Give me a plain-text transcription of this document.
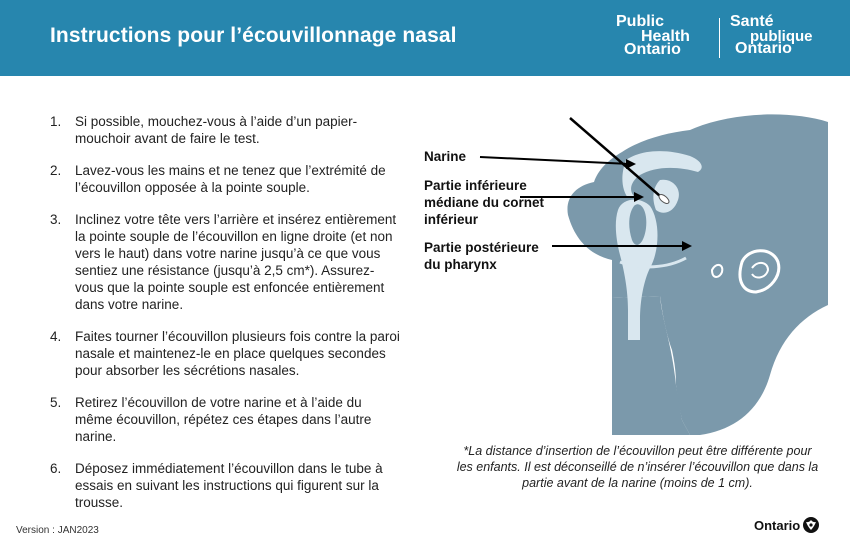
Instructions pour l’écouvillonnage nasal
Public
Health
Ontario
Santé
publique
Ontario
1. Si possible, mouchez-vous à l’aide d’un papier-mouchoir avant de faire le test.
2. Lavez-vous les mains et ne tenez que l’extrémité de l’écouvillon opposée à la pointe souple.
3. Inclinez votre tête vers l’arrière et insérez entièrement la pointe souple de l’écouvillon en ligne droite (et non vers le haut) dans votre narine jusqu’à ce que vous sentiez une résistance (jusqu’à 2,5 cm*). Assurez-vous que la pointe souple est enfoncée entièrement dans votre narine.
4. Faites tourner l’écouvillon plusieurs fois contre la paroi nasale et maintenez-le en place quelques secondes pour absorber les sécrétions nasales.
5. Retirez l’écouvillon de votre narine et à l’aide du même écouvillon, répétez ces étapes dans l’autre narine.
6. Déposez immédiatement l’écouvillon dans le tube à essais en suivant les instructions qui figurent sur la trousse.
Narine
Partie inférieure
médiane du cornet
inférieur
Partie postérieure
du pharynx
*La distance d’insertion de l’écouvillon peut être différente pour les enfants. Il est déconseillé de n’insérer l’écouvillon que dans la partie avant de la narine (moins de 1 cm).
Version : JAN2023	Ontario
